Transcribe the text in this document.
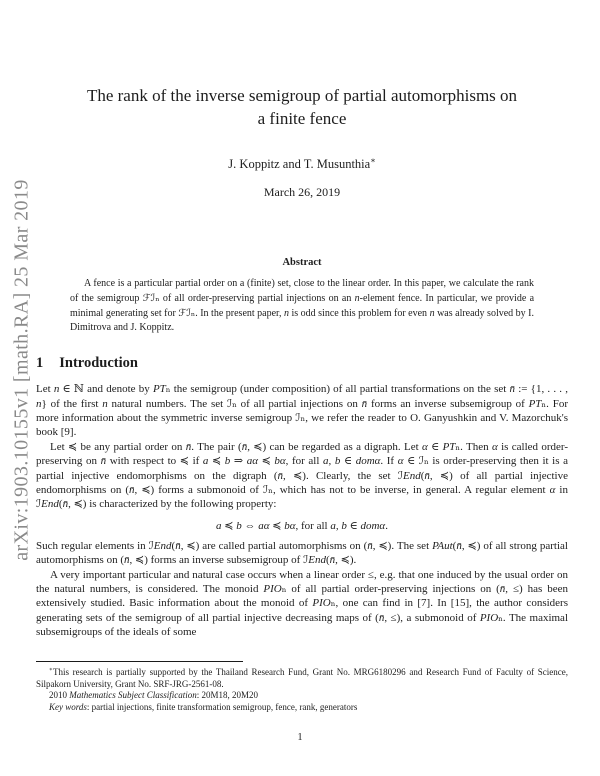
arXiv:1903.10155v1 [math.RA] 25 Mar 2019
The rank of the inverse semigroup of partial automorphisms on
a finite fence
J. Koppitz and T. Musunthia∗
March 26, 2019
Abstract

A fence is a particular partial order on a (finite) set, close to the linear order. In this paper, we calculate the rank of the semigroup ℱℐₙ of all order-preserving partial injections on an n-element fence. In particular, we provide a minimal generating set for ℱℐₙ. In the present paper, n is odd since this problem for even n was already solved by I. Dimitrova and J. Koppitz.

1 Introduction

Let n ∈ ℕ and denote by PTₙ the semigroup (under composition) of all partial transformations on the set n̄ := {1, . . . , n} of the first n natural numbers. The set ℐₙ of all partial injections on n̄ forms an inverse subsemigroup of PTₙ. For more information about the symmetric inverse semigroup ℐₙ, we refer the reader to O. Ganyushkin and V. Mazorchuk's book [9].

Let ≼ be any partial order on n̄. The pair (n̄, ≼) can be regarded as a digraph. Let α ∈ PTₙ. Then α is called order-preserving on n̄ with respect to ≼ if a ≼ b ⇒ aα ≼ bα, for all a, b ∈ domα. If α ∈ ℐₙ is order-preserving then it is a partial injective endomorphisms on the digraph (n̄, ≼). Clearly, the set ℐEnd(n̄, ≼) of all partial injective endomorphisms on (n̄, ≼) forms a submonoid of ℐₙ, which has not to be inverse, in general. A regular element α in ℐEnd(n̄, ≼) is characterized by the following property:

a ≼ b ⇔ aα ≼ bα, for all a, b ∈ domα.

Such regular elements in ℐEnd(n̄, ≼) are called partial automorphisms on (n̄, ≼). The set PAut(n̄, ≼) of all strong partial automorphisms on (n̄, ≼) forms an inverse subsemigroup of ℐEnd(n̄, ≼).

A very important particular and natural case occurs when a linear order ≤, e.g. that one induced by the usual order on the natural numbers, is considered. The monoid PIOₙ of all partial order-preserving injections on (n̄, ≤) has been extensively studied. Basic information about the monoid of PIOₙ, one can find in [7]. In [15], the author considers generating sets of the semigroup of all partial injective decreasing maps of (n̄, ≤), a submonoid of PIOₙ. The maximal subsemigroups of the ideals of some

∗This research is partially supported by the Thailand Research Fund, Grant No. MRG6180296 and Research Fund of Faculty of Science, Silpakorn University, Grant No. SRF-JRG-2561-08.

2010 Mathematics Subject Classification: 20M18, 20M20

Key words: partial injections, finite transformation semigroup, fence, rank, generators

1
